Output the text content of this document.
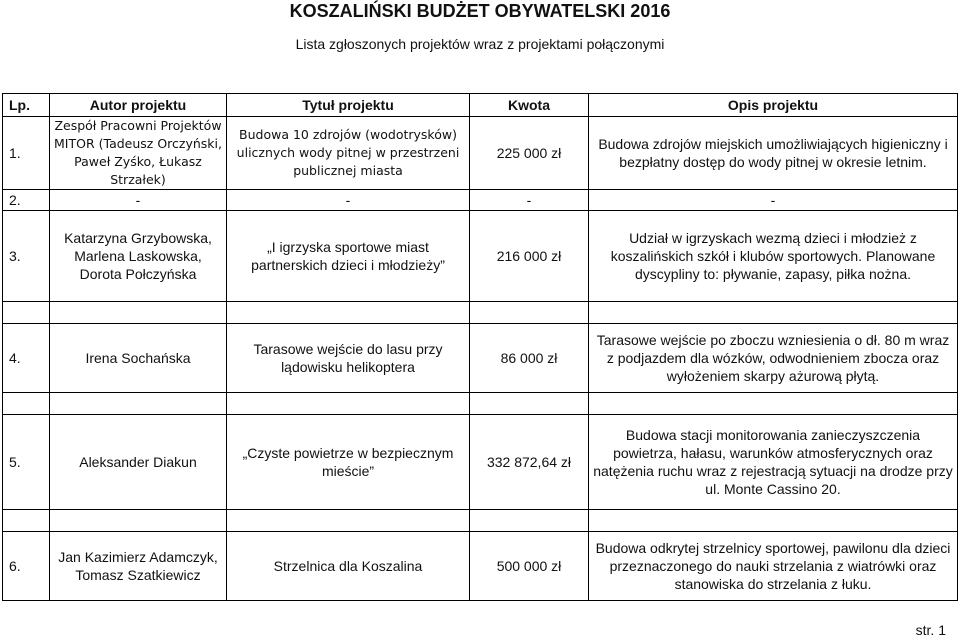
KOSZALIŃSKI BUDŻET OBYWATELSKI 2016
Lista zgłoszonych projektów wraz z projektami połączonymi
Lp.	Autor projektu	Tytuł projektu	Kwota	Opis projektu
1.	Zespół Pracowni Projektów MITOR (Tadeusz Orczyński, Paweł Zyśko, Łukasz Strzałek)	Budowa 10 zdrojów (wodotrysków) ulicznych wody pitnej w przestrzeni publicznej miasta	225 000 zł	Budowa zdrojów miejskich umożliwiających higieniczny i bezpłatny dostęp do wody pitnej w okresie letnim.
2.	-	-	-	-
3.	Katarzyna Grzybowska, Marlena Laskowska, Dorota Połczyńska	„I igrzyska sportowe miast partnerskich dzieci i młodzieży”	216 000 zł	Udział w igrzyskach wezmą dzieci i młodzież z koszalińskich szkół i klubów sportowych. Planowane dyscypliny to: pływanie, zapasy, piłka nożna.

4.	Irena Sochańska	Tarasowe wejście do lasu przy lądowisku helikoptera	86 000 zł	Tarasowe wejście po zboczu wzniesienia o dł. 80 m wraz z podjazdem dla wózków, odwodnieniem zbocza oraz wyłożeniem skarpy ażurową płytą.

5.	Aleksander Diakun	„Czyste powietrze w bezpiecznym mieście”	332 872,64 zł	Budowa stacji monitorowania zanieczyszczenia powietrza, hałasu, warunków atmosferycznych oraz natężenia ruchu wraz z rejestracją sytuacji na drodze przy ul. Monte Cassino 20.

6.	Jan Kazimierz Adamczyk, Tomasz Szatkiewicz	Strzelnica dla Koszalina	500 000 zł	Budowa odkrytej strzelnicy sportowej, pawilonu dla dzieci przeznaczonego do nauki strzelania z wiatrówki oraz stanowiska do strzelania z łuku.
str. 1
